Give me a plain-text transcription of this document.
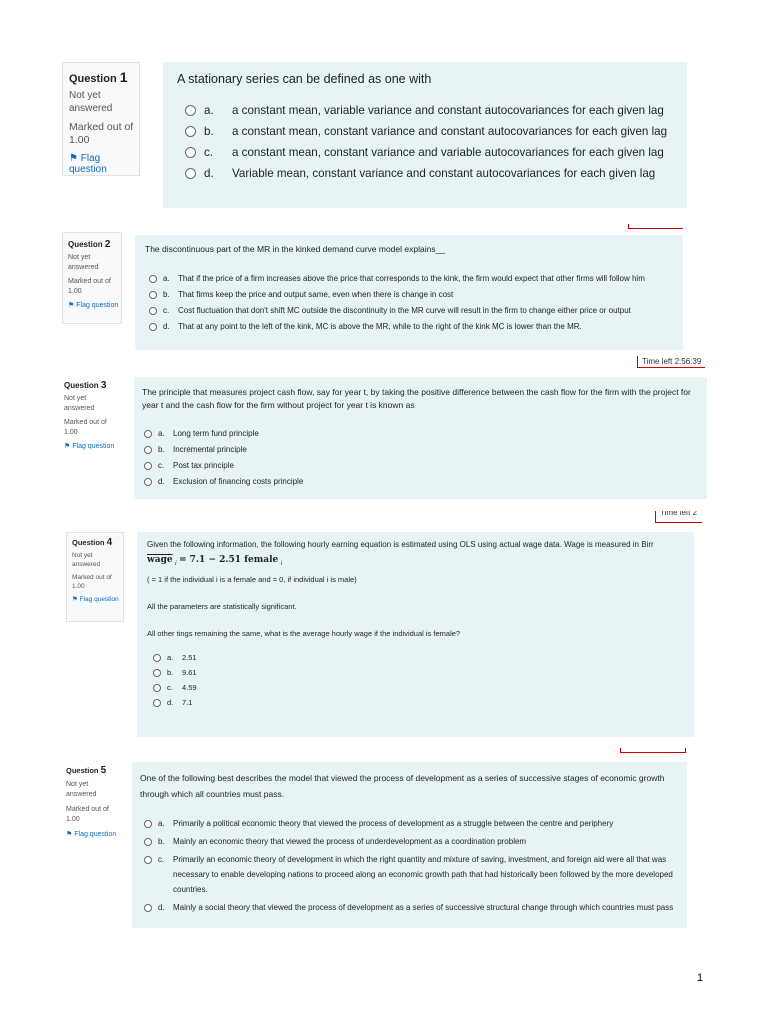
Question 1
Not yet answered
Marked out of 1.00
⚑ Flag question
A stationary series can be defined as one with
a.	a constant mean, variable variance and constant autocovariances for each given lag
b.	a constant mean, constant variance and constant autocovariances for each given lag
c.	a constant mean, constant variance and variable autocovariances for each given lag
d.	Variable mean, constant variance and constant autocovariances for each given lag
Question 2
Not yet answered
Marked out of 1.00
⚑ Flag question
The discontinuous part of the MR in the kinked demand curve model explains__
a.	That if the price of a firm increases above the price that corresponds to the kink, the firm would expect that other firms will follow him
b.	That firms keep the price and output same, even when there is change in cost
c.	Cost fluctuation that don't shift MC outside the discontinuity in the MR curve will result in the firm to change either price or output
d.	That at any point to the left of the kink, MC is above the MR, while to the right of the kink MC is lower than the MR.
Time left 2:56:39
Question 3
Not yet answered
Marked out of 1.00
⚑ Flag question
The principle that measures project cash flow, say for year t, by taking the positive difference between the cash flow for the firm with the project for year t and the cash flow for the firm without project for year t is known as
a.	Long term fund principle
b.	Incremental principle
c.	Post tax principle
d.	Exclusion of financing costs principle
Time left 2
Question 4
Not yet answered
Marked out of 1.00
⚑ Flag question
Given the following information, the following hourly earning equation is estimated using OLS using actual wage data. Wage is measured in Birr
wage $_i$ = 7.1 − 2.51 female $_i$
( = 1 if the individual i is a female and = 0, if individual i is male)
All the parameters are statistically significant.
All other tings remaining the same, what is the average hourly wage if the individual is female?
a.	2.51
b.	9.61
c.	4.59
d.	7.1
Question 5
Not yet answered
Marked out of 1.00
⚑ Flag question
One of the following best describes the model that viewed the process of development as a series of successive stages of economic growth through which all countries must pass.
a.	Primarily a political economic theory that viewed the process of development as a struggle between the centre and periphery
b.	Mainly an economic theory that viewed the process of underdevelopment as a coordination problem
c.	Primarily an economic theory of development in which the right quantity and mixture of saving, investment, and foreign aid were all that was necessary to enable developing nations to proceed along an economic growth path that had historically been followed by the more developed countries.
d.	Mainly a social theory that viewed the process of development as a series of successive structural change through which countries must pass
1
